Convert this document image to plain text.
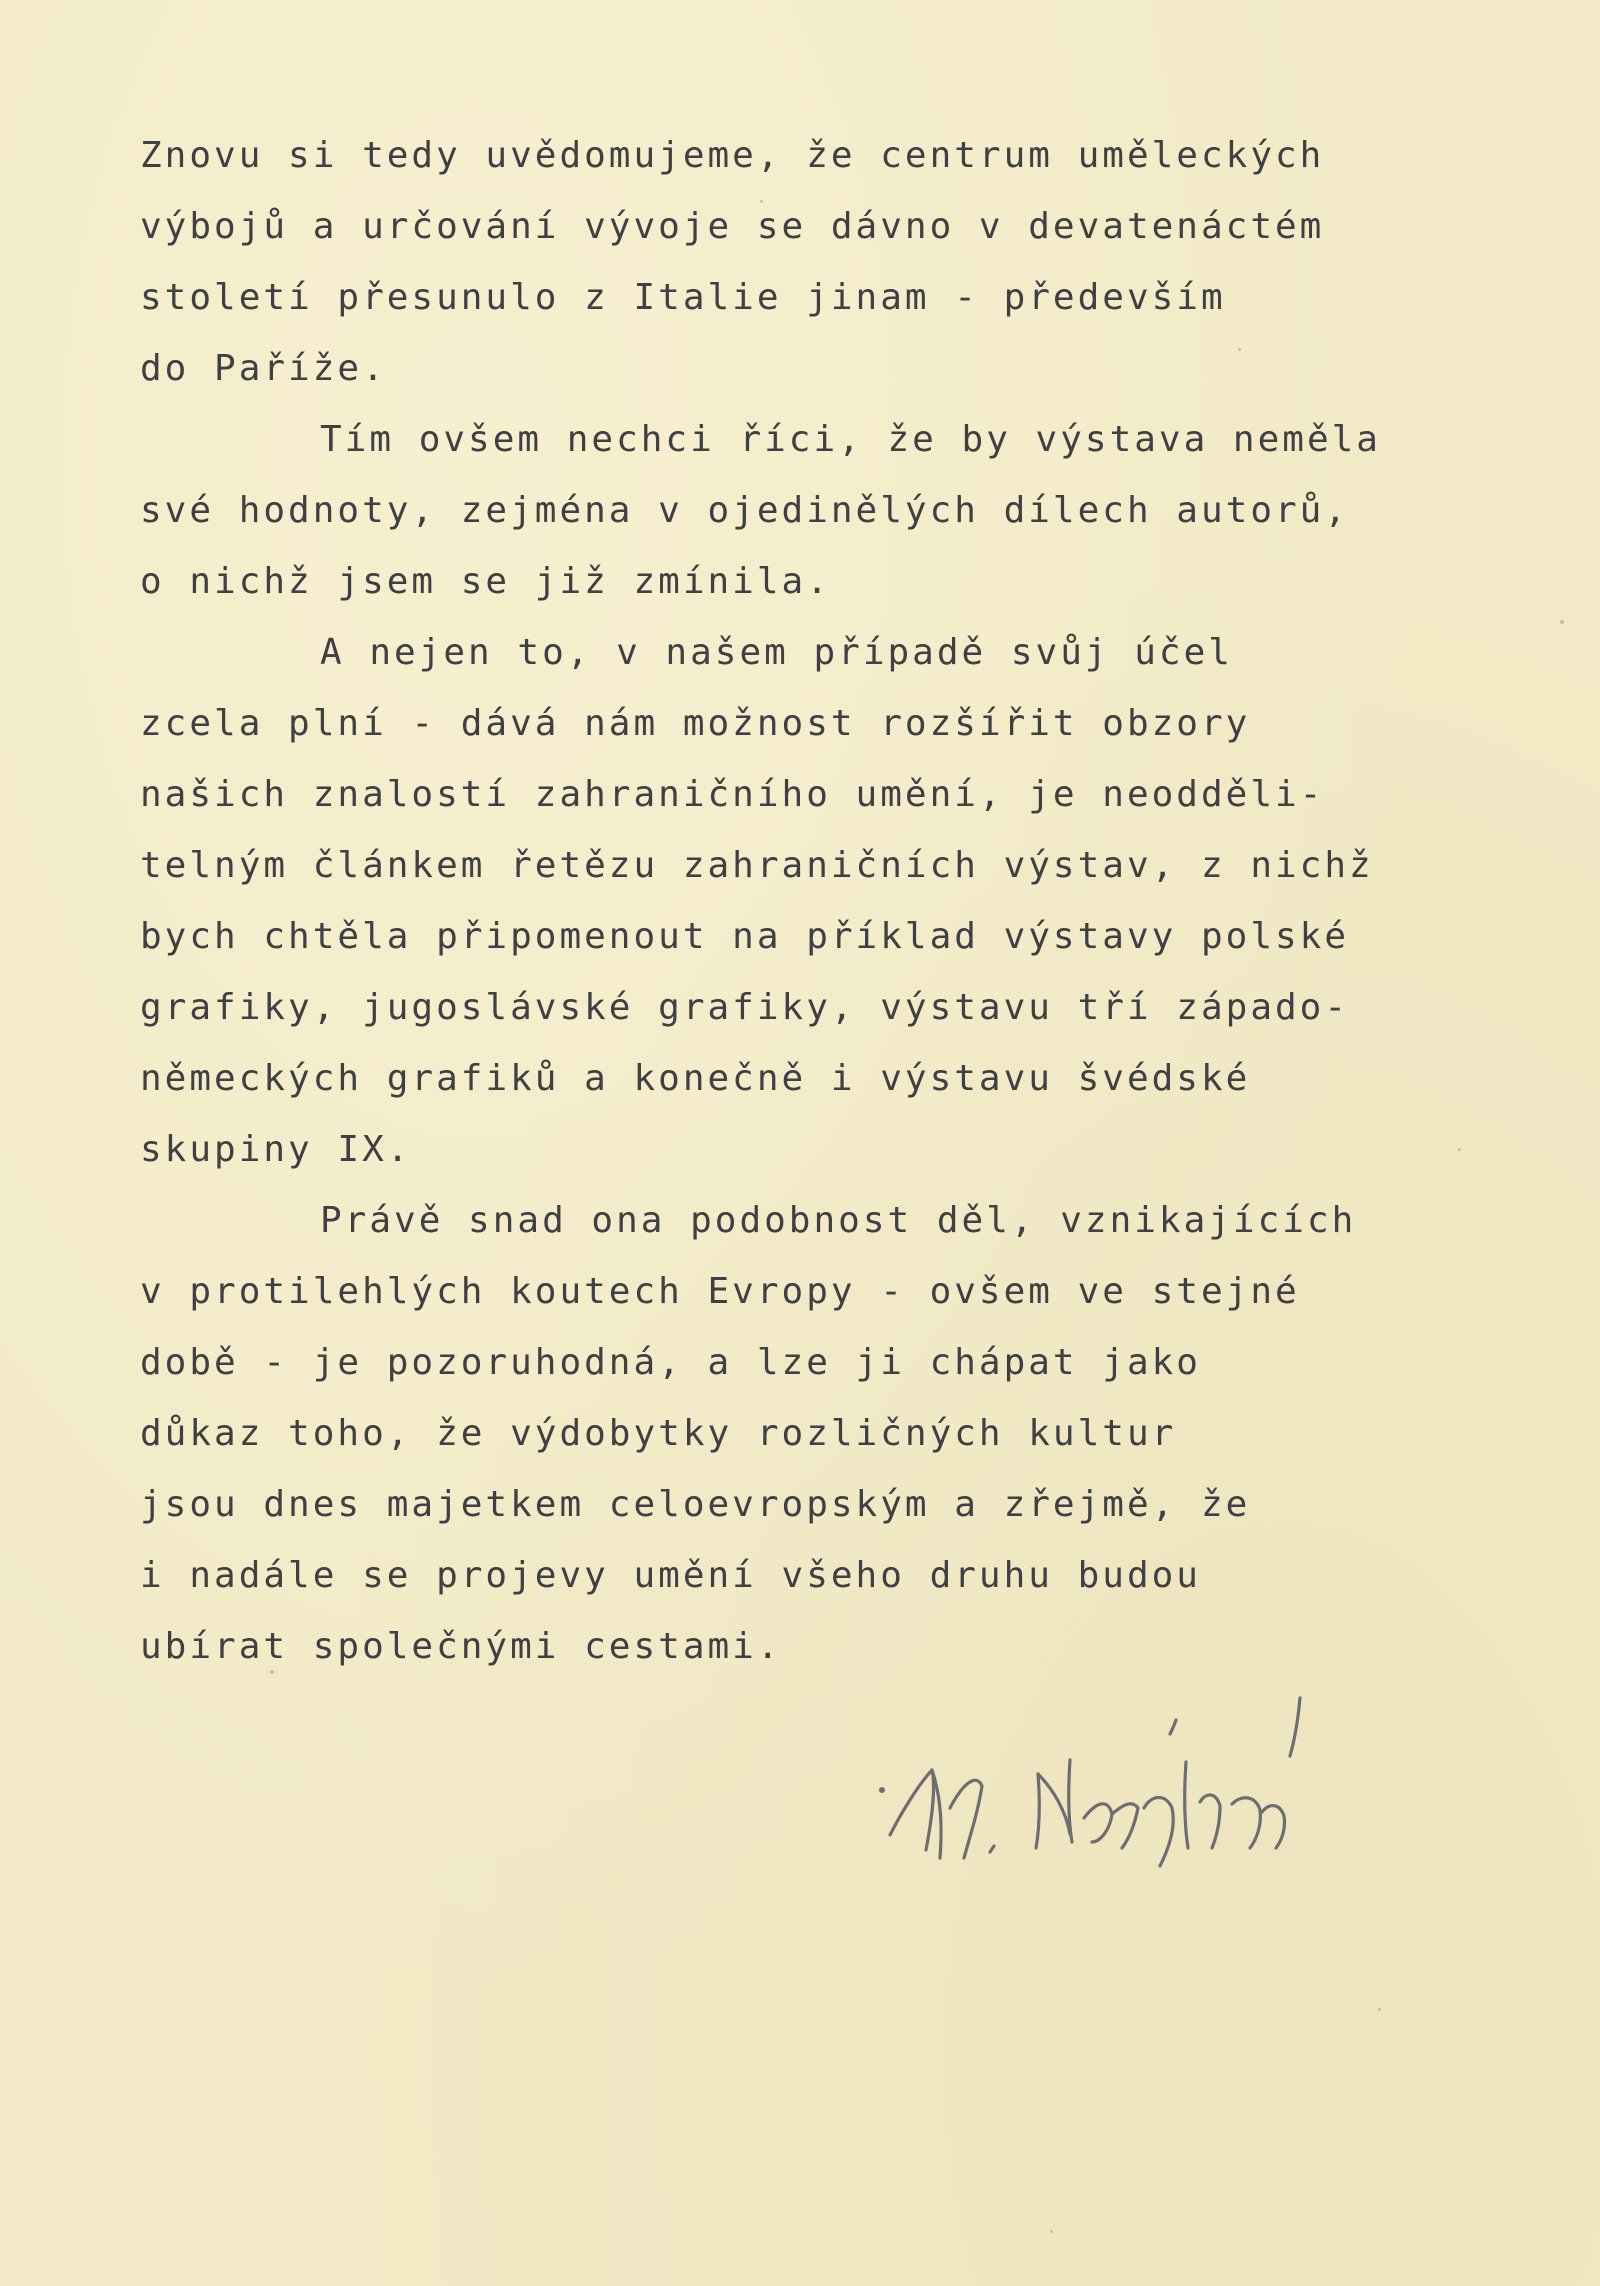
Znovu si tedy uvědomujeme, že centrum uměleckých
výbojů a určování vývoje se dávno v devatenáctém
století přesunulo z Italie jinam - především
do Paříže.
Tím ovšem nechci říci, že by výstava neměla
své hodnoty, zejména v ojedinělých dílech autorů,
o nichž jsem se již zmínila.
A nejen to, v našem případě svůj účel
zcela plní - dává nám možnost rozšířit obzory
našich znalostí zahraničního umění, je neodděli-
telným článkem řetězu zahraničních výstav, z nichž
bych chtěla připomenout na příklad výstavy polské
grafiky, jugoslávské grafiky, výstavu tří západo-
německých grafiků a konečně i výstavu švédské
skupiny IX.
Právě snad ona podobnost děl, vznikajících
v protilehlých koutech Evropy - ovšem ve stejné
době - je pozoruhodná, a lze ji chápat jako
důkaz toho, že výdobytky rozličných kultur
jsou dnes majetkem celoevropským a zřejmě, že
i nadále se projevy umění všeho druhu budou
ubírat společnými cestami.
